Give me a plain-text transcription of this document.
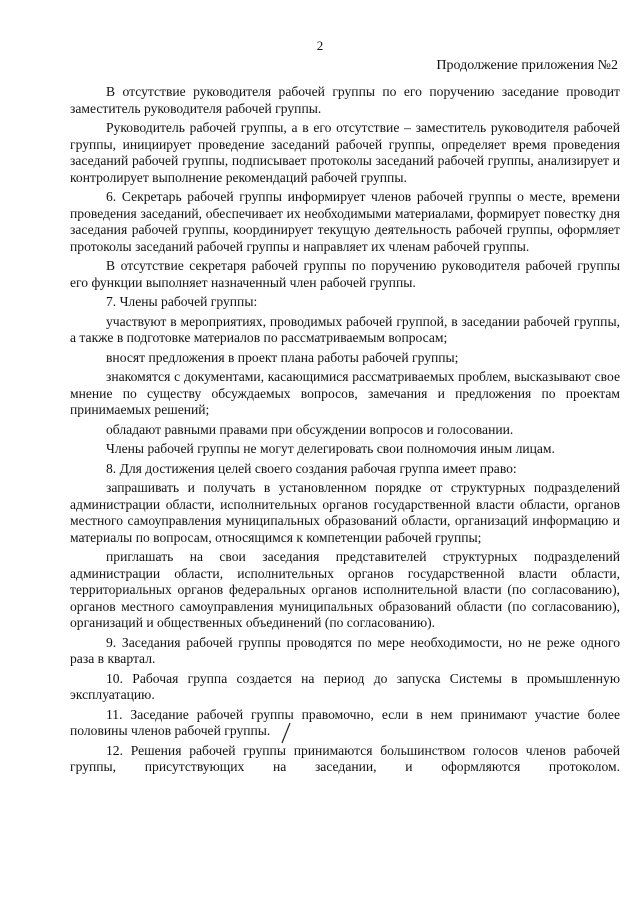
2
Продолжение приложения №2

В отсутствие руководителя рабочей группы по его поручению заседание проводит заместитель руководителя рабочей группы.

Руководитель рабочей группы, а в его отсутствие – заместитель руководителя рабочей группы, инициирует проведение заседаний рабочей группы, определяет время проведения заседаний рабочей группы, подписывает протоколы заседаний рабочей группы, анализирует и контролирует выполнение рекомендаций рабочей группы.

6. Секретарь рабочей группы информирует членов рабочей группы о месте, времени проведения заседаний, обеспечивает их необходимыми материалами, формирует повестку дня заседания рабочей группы, координирует текущую деятельность рабочей группы, оформляет протоколы заседаний рабочей группы и направляет их членам рабочей группы.

В отсутствие секретаря рабочей группы по поручению руководителя рабочей группы его функции выполняет назначенный член рабочей группы.

7. Члены рабочей группы:

участвуют в мероприятиях, проводимых рабочей группой, в заседании рабочей группы, а также в подготовке материалов по рассматриваемым вопросам;

вносят предложения в проект плана работы рабочей группы;

знакомятся с документами, касающимися рассматриваемых проблем, высказывают свое мнение по существу обсуждаемых вопросов, замечания и предложения по проектам принимаемых решений;

обладают равными правами при обсуждении вопросов и голосовании.

Члены рабочей группы не могут делегировать свои полномочия иным лицам.

8. Для достижения целей своего создания рабочая группа имеет право:

запрашивать и получать в установленном порядке от структурных подразделений администрации области, исполнительных органов государственной власти области, органов местного самоуправления муниципальных образований области, организаций информацию и материалы по вопросам, относящимся к компетенции рабочей группы;

приглашать на свои заседания представителей структурных подразделений администрации области, исполнительных органов государственной власти области, территориальных органов федеральных органов исполнительной власти (по согласованию), органов местного самоуправления муниципальных образований области (по согласованию), организаций и общественных объединений (по согласованию).

9. Заседания рабочей группы проводятся по мере необходимости, но не реже одного раза в квартал.

10. Рабочая группа создается на период до запуска Системы в промышленную эксплуатацию.

11. Заседание рабочей группы правомочно, если в нем принимают участие более половины членов рабочей группы.

12. Решения рабочей группы принимаются большинством голосов членов рабочей группы, присутствующих на заседании, и оформляются протоколом.
